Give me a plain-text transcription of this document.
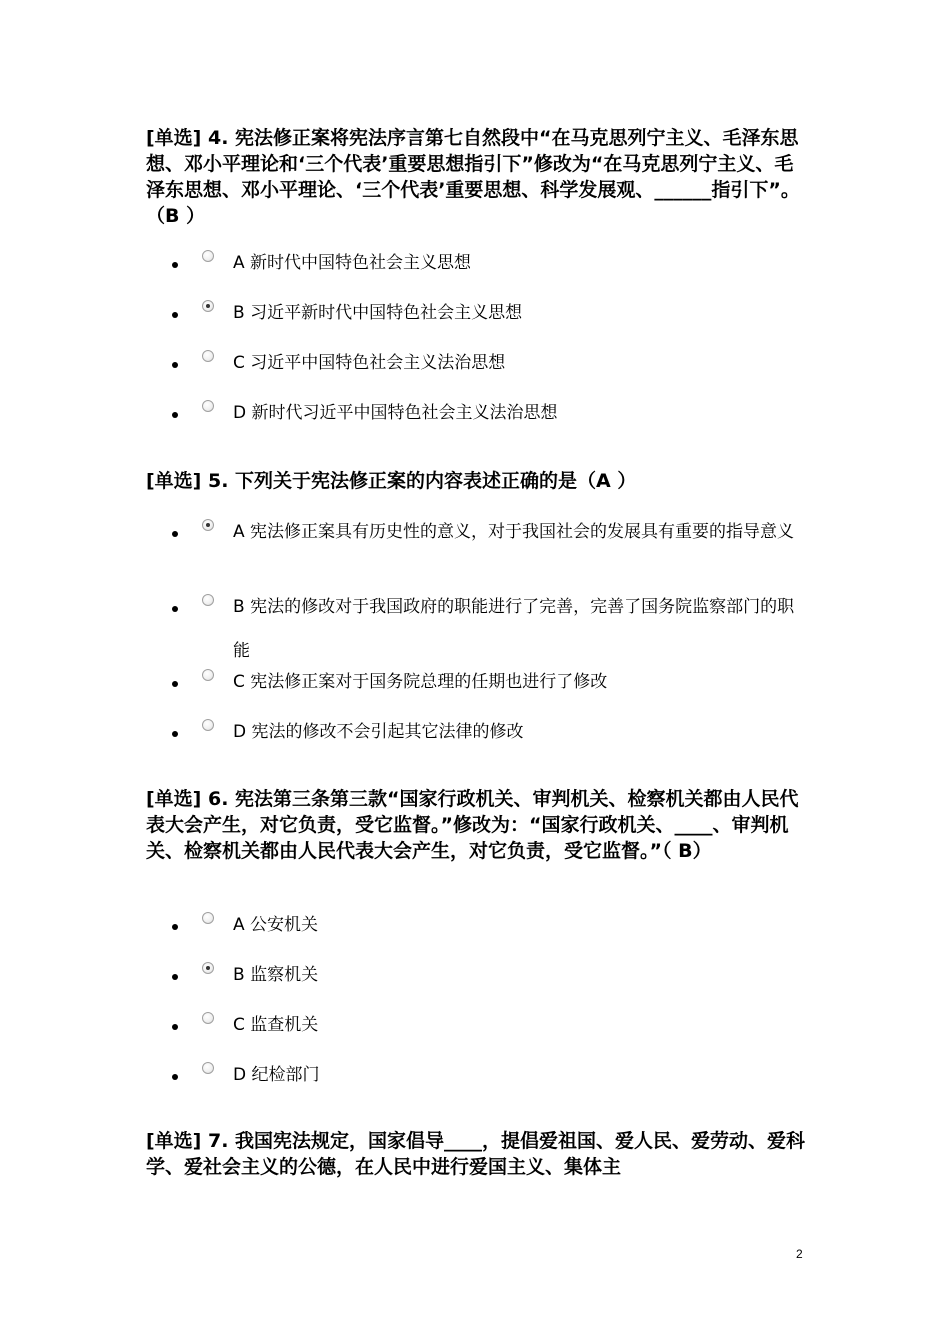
[单选] 4. 宪法修正案将宪法序言第七自然段中“在马克思列宁主义、毛泽东思想、邓小平理论和‘三个代表’重要思想指引下”修改为“在马克思列宁主义、毛泽东思想、邓小平理论、‘三个代表’重要思想、科学发展观、______指引下”。（B ）

A 新时代中国特色社会主义思想
B 习近平新时代中国特色社会主义思想
C 习近平中国特色社会主义法治思想
D 新时代习近平中国特色社会主义法治思想

[单选] 5. 下列关于宪法修正案的内容表述正确的是（A ）

A 宪法修正案具有历史性的意义，对于我国社会的发展具有重要的指导意义
B 宪法的修改对于我国政府的职能进行了完善，完善了国务院监察部门的职能
C 宪法修正案对于国务院总理的任期也进行了修改
D 宪法的修改不会引起其它法律的修改

[单选] 6. 宪法第三条第三款“国家行政机关、审判机关、检察机关都由人民代表大会产生，对它负责，受它监督。”修改为：“国家行政机关、____、审判机关、检察机关都由人民代表大会产生，对它负责，受它监督。”（ B）

A 公安机关
B 监察机关
C 监查机关
D 纪检部门

[单选] 7. 我国宪法规定，国家倡导____，提倡爱祖国、爱人民、爱劳动、爱科学、爱社会主义的公德，在人民中进行爱国主义、集体主

2
